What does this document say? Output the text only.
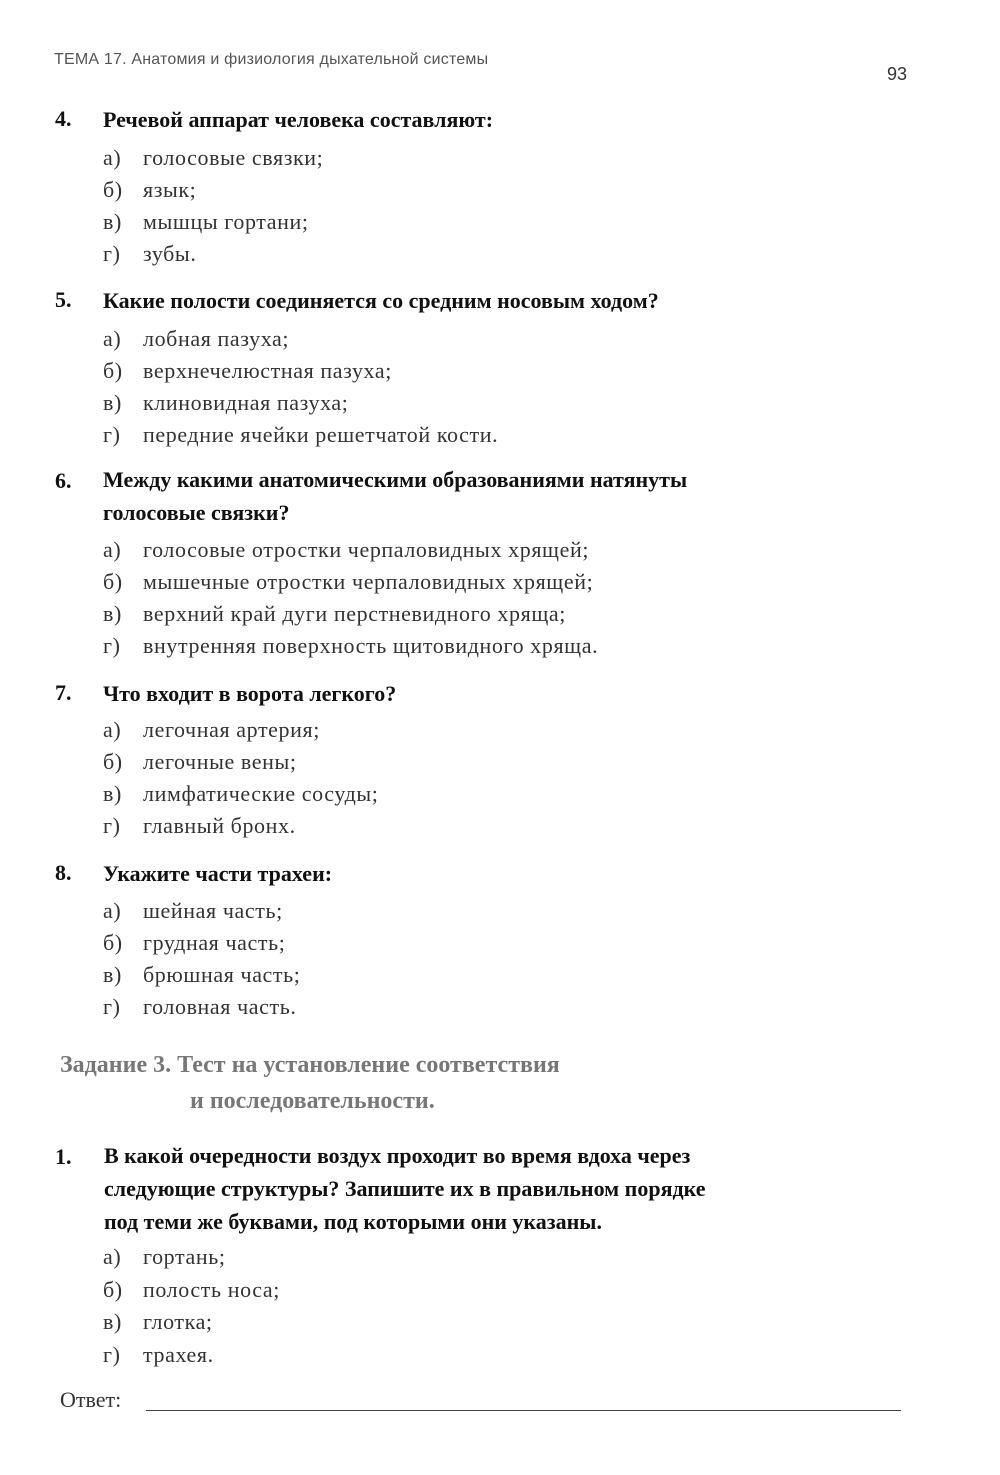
ТЕМА 17. Анатомия и физиология дыхательной системы
93
4. Речевой аппарат человека составляют:
а) голосовые связки;
б) язык;
в) мышцы гортани;
г) зубы.
5. Какие полости соединяется со средним носовым ходом?
а) лобная пазуха;
б) верхнечелюстная пазуха;
в) клиновидная пазуха;
г) передние ячейки решетчатой кости.
6. Между какими анатомическими образованиями натянуты
голосовые связки?
а) голосовые отростки черпаловидных хрящей;
б) мышечные отростки черпаловидных хрящей;
в) верхний край дуги перстневидного хряща;
г) внутренняя поверхность щитовидного хряща.
7. Что входит в ворота легкого?
а) легочная артерия;
б) легочные вены;
в) лимфатические сосуды;
г) главный бронх.
8. Укажите части трахеи:
а) шейная часть;
б) грудная часть;
в) брюшная часть;
г) головная часть.
Задание 3. Тест на установление соответствия
и последовательности.
1. В какой очередности воздух проходит во время вдоха через
следующие структуры? Запишите их в правильном порядке
под теми же буквами, под которыми они указаны.
а) гортань;
б) полость носа;
в) глотка;
г) трахея.
Ответ:
